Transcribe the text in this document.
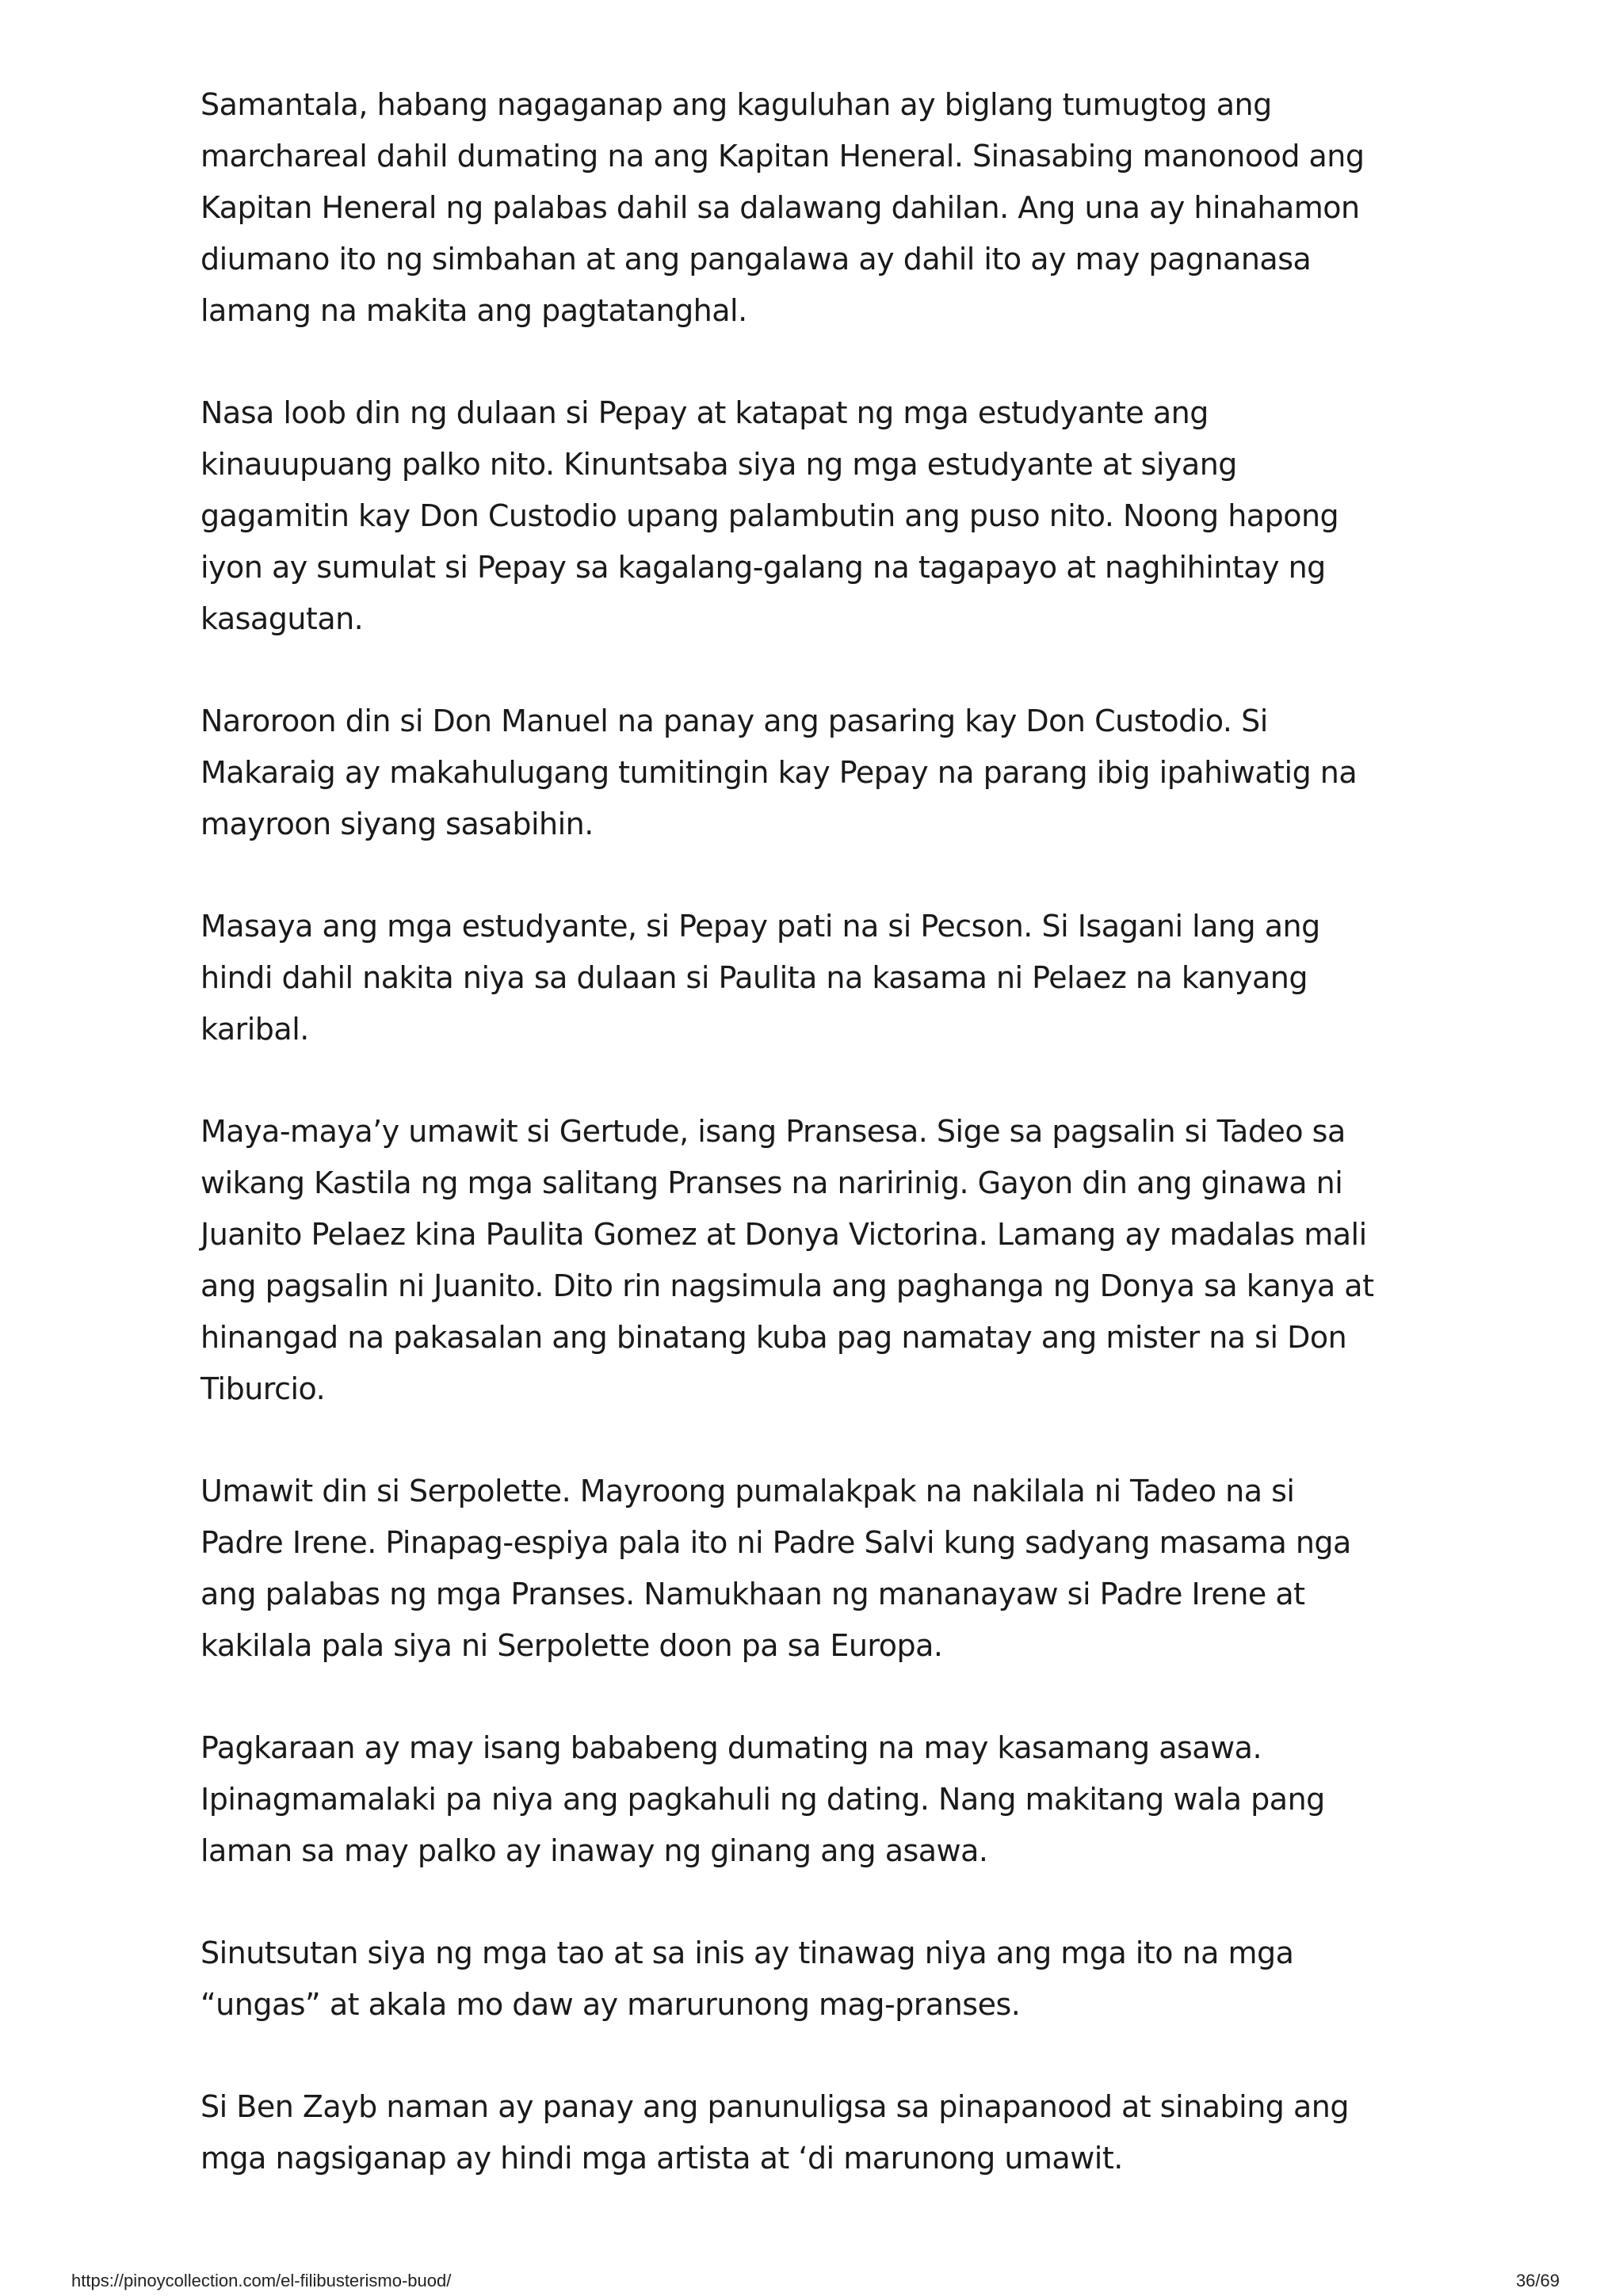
Samantala, habang nagaganap ang kaguluhan ay biglang tumugtog ang
marchareal dahil dumating na ang Kapitan Heneral. Sinasabing manonood ang
Kapitan Heneral ng palabas dahil sa dalawang dahilan. Ang una ay hinahamon
diumano ito ng simbahan at ang pangalawa ay dahil ito ay may pagnanasa
lamang na makita ang pagtatanghal.

Nasa loob din ng dulaan si Pepay at katapat ng mga estudyante ang
kinauupuang palko nito. Kinuntsaba siya ng mga estudyante at siyang
gagamitin kay Don Custodio upang palambutin ang puso nito. Noong hapong
iyon ay sumulat si Pepay sa kagalang-galang na tagapayo at naghihintay ng
kasagutan.

Naroroon din si Don Manuel na panay ang pasaring kay Don Custodio. Si
Makaraig ay makahulugang tumitingin kay Pepay na parang ibig ipahiwatig na
mayroon siyang sasabihin.

Masaya ang mga estudyante, si Pepay pati na si Pecson. Si Isagani lang ang
hindi dahil nakita niya sa dulaan si Paulita na kasama ni Pelaez na kanyang
karibal.

Maya-maya’y umawit si Gertude, isang Pransesa. Sige sa pagsalin si Tadeo sa
wikang Kastila ng mga salitang Pranses na naririnig. Gayon din ang ginawa ni
Juanito Pelaez kina Paulita Gomez at Donya Victorina. Lamang ay madalas mali
ang pagsalin ni Juanito. Dito rin nagsimula ang paghanga ng Donya sa kanya at
hinangad na pakasalan ang binatang kuba pag namatay ang mister na si Don
Tiburcio.

Umawit din si Serpolette. Mayroong pumalakpak na nakilala ni Tadeo na si
Padre Irene. Pinapag-espiya pala ito ni Padre Salvi kung sadyang masama nga
ang palabas ng mga Pranses. Namukhaan ng mananayaw si Padre Irene at
kakilala pala siya ni Serpolette doon pa sa Europa.

Pagkaraan ay may isang bababeng dumating na may kasamang asawa.
Ipinagmamalaki pa niya ang pagkahuli ng dating. Nang makitang wala pang
laman sa may palko ay inaway ng ginang ang asawa.

Sinutsutan siya ng mga tao at sa inis ay tinawag niya ang mga ito na mga
“ungas” at akala mo daw ay marurunong mag-pranses.

Si Ben Zayb naman ay panay ang panunuligsa sa pinapanood at sinabing ang
mga nagsiganap ay hindi mga artista at ‘di marunong umawit.

https://pinoycollection.com/el-filibusterismo-buod/	36/69
